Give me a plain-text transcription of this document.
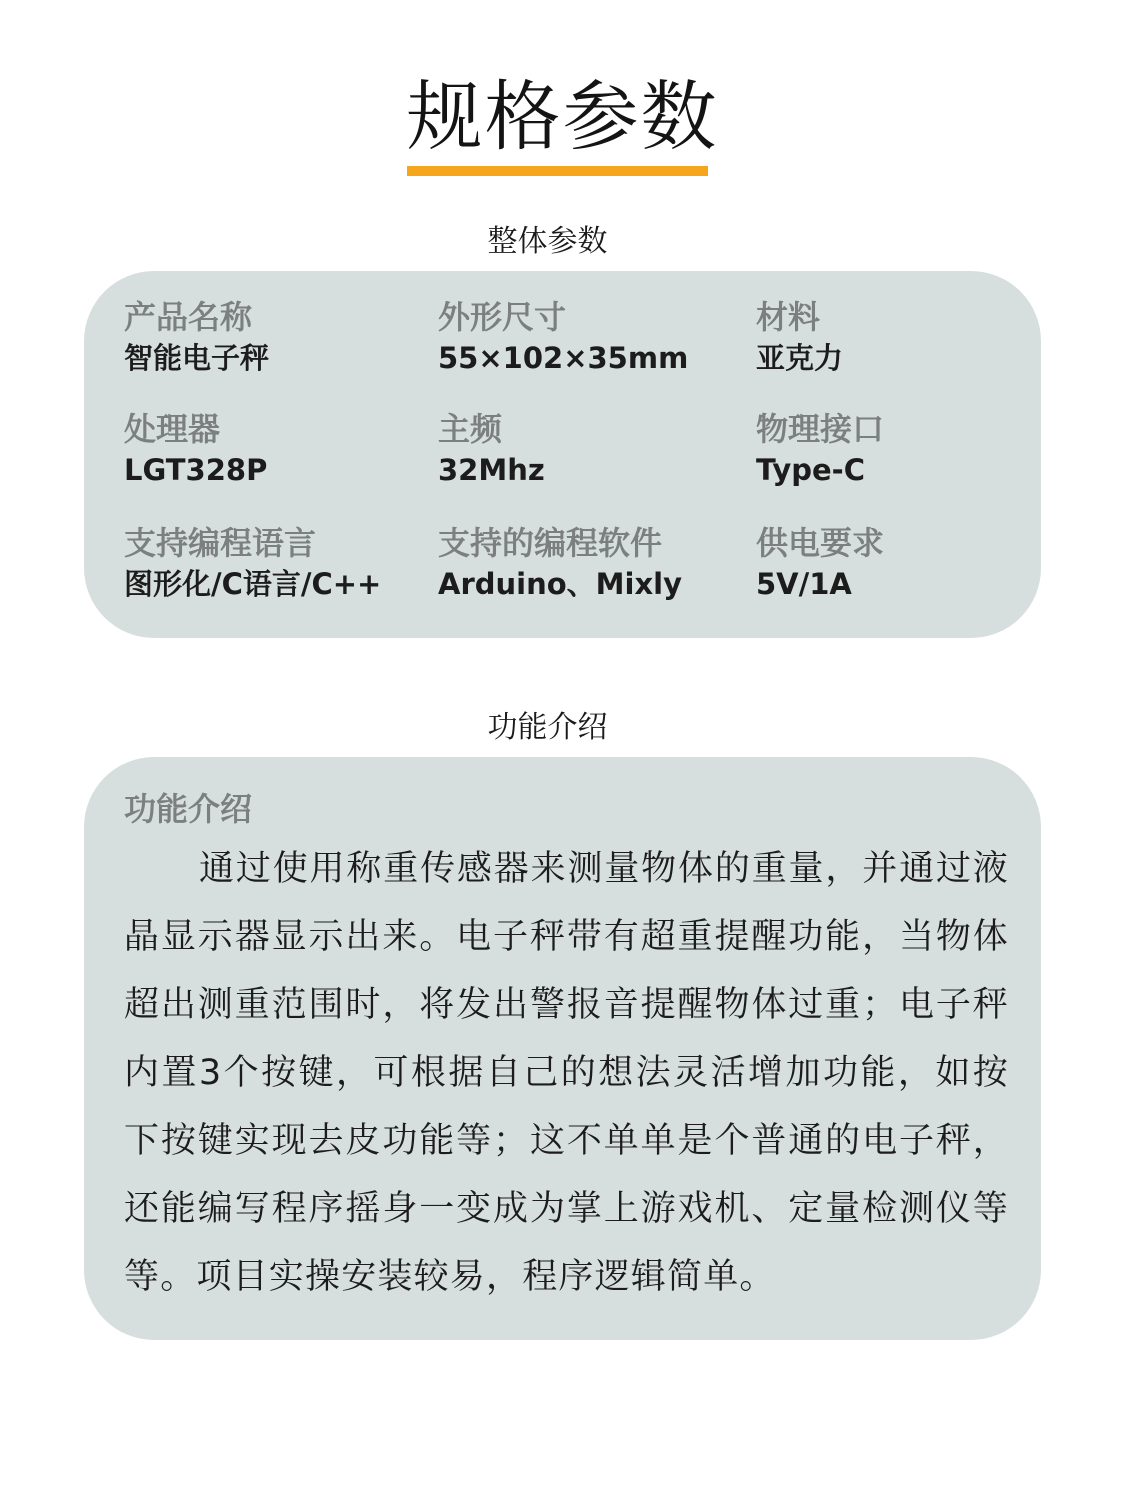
规格参数
整体参数
产品名称
智能电子秤
外形尺寸
55×102×35mm
材料
亚克力
处理器
LGT328P
主频
32Mhz
物理接口
Type-C
支持编程语言
图形化/C语言/C++
支持的编程软件
Arduino、Mixly
供电要求
5V/1A
功能介绍
功能介绍
通过使用称重传感器来测量物体的重量，并通过液晶显示器显示出来。电子秤带有超重提醒功能，当物体超出测重范围时，将发出警报音提醒物体过重；电子秤内置3个按键，可根据自己的想法灵活增加功能，如按下按键实现去皮功能等；这不单单是个普通的电子秤，还能编写程序摇身一变成为掌上游戏机、定量检测仪等等。项目实操安装较易，程序逻辑简单。
